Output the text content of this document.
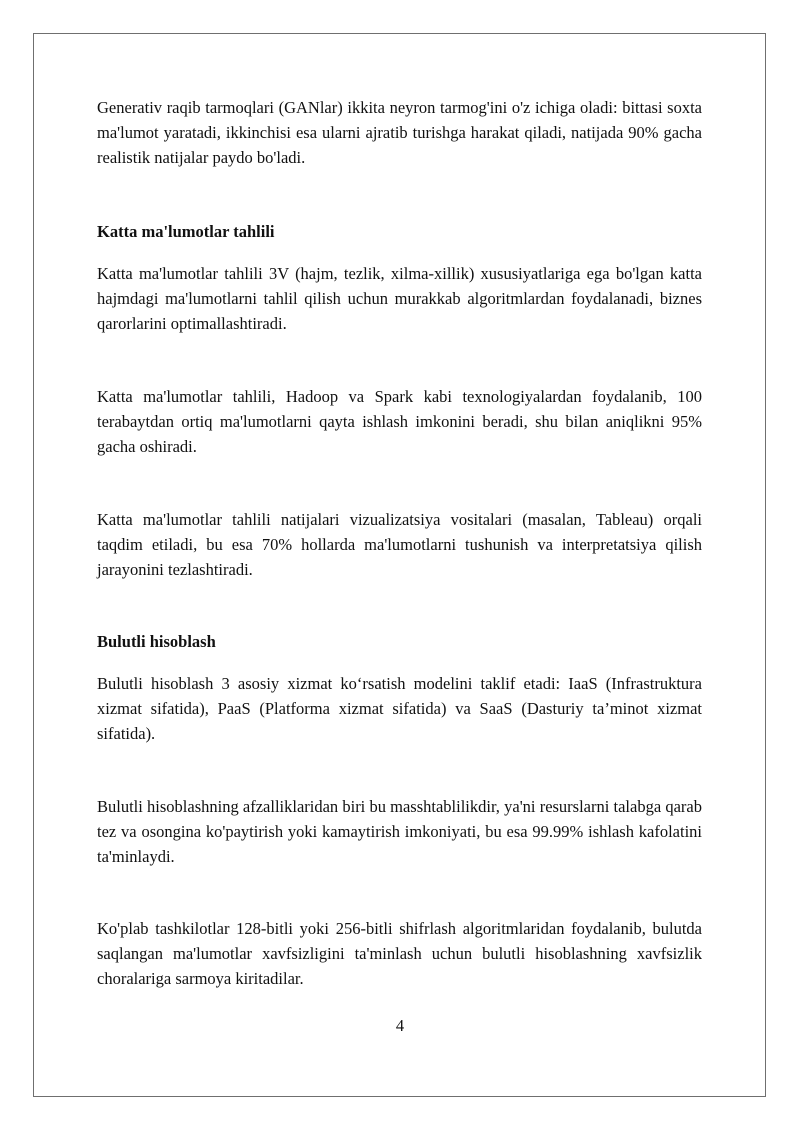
Generativ raqib tarmoqlari (GANlar) ikkita neyron tarmog'ini o'z ichiga oladi: bittasi soxta ma'lumot yaratadi, ikkinchisi esa ularni ajratib turishga harakat qiladi, natijada 90% gacha realistik natijalar paydo bo'ladi.

Katta ma'lumotlar tahlili

Katta ma'lumotlar tahlili 3V (hajm, tezlik, xilma-xillik) xususiyatlariga ega bo'lgan katta hajmdagi ma'lumotlarni tahlil qilish uchun murakkab algoritmlardan foydalanadi, biznes qarorlarini optimallashtiradi.

Katta ma'lumotlar tahlili, Hadoop va Spark kabi texnologiyalardan foydalanib, 100 terabaytdan ortiq ma'lumotlarni qayta ishlash imkonini beradi, shu bilan aniqlikni 95% gacha oshiradi.

Katta ma'lumotlar tahlili natijalari vizualizatsiya vositalari (masalan, Tableau) orqali taqdim etiladi, bu esa 70% hollarda ma'lumotlarni tushunish va interpretatsiya qilish jarayonini tezlashtiradi.

Bulutli hisoblash

Bulutli hisoblash 3 asosiy xizmat ko‘rsatish modelini taklif etadi: IaaS (Infrastruktura xizmat sifatida), PaaS (Platforma xizmat sifatida) va SaaS (Dasturiy ta’minot xizmat sifatida).

Bulutli hisoblashning afzalliklaridan biri bu masshtablilikdir, ya'ni resurslarni talabga qarab tez va osongina ko'paytirish yoki kamaytirish imkoniyati, bu esa 99.99% ishlash kafolatini ta'minlaydi.

Ko'plab tashkilotlar 128-bitli yoki 256-bitli shifrlash algoritmlaridan foydalanib, bulutda saqlangan ma'lumotlar xavfsizligini ta'minlash uchun bulutli hisoblashning xavfsizlik choralariga sarmoya kiritadilar.

4
